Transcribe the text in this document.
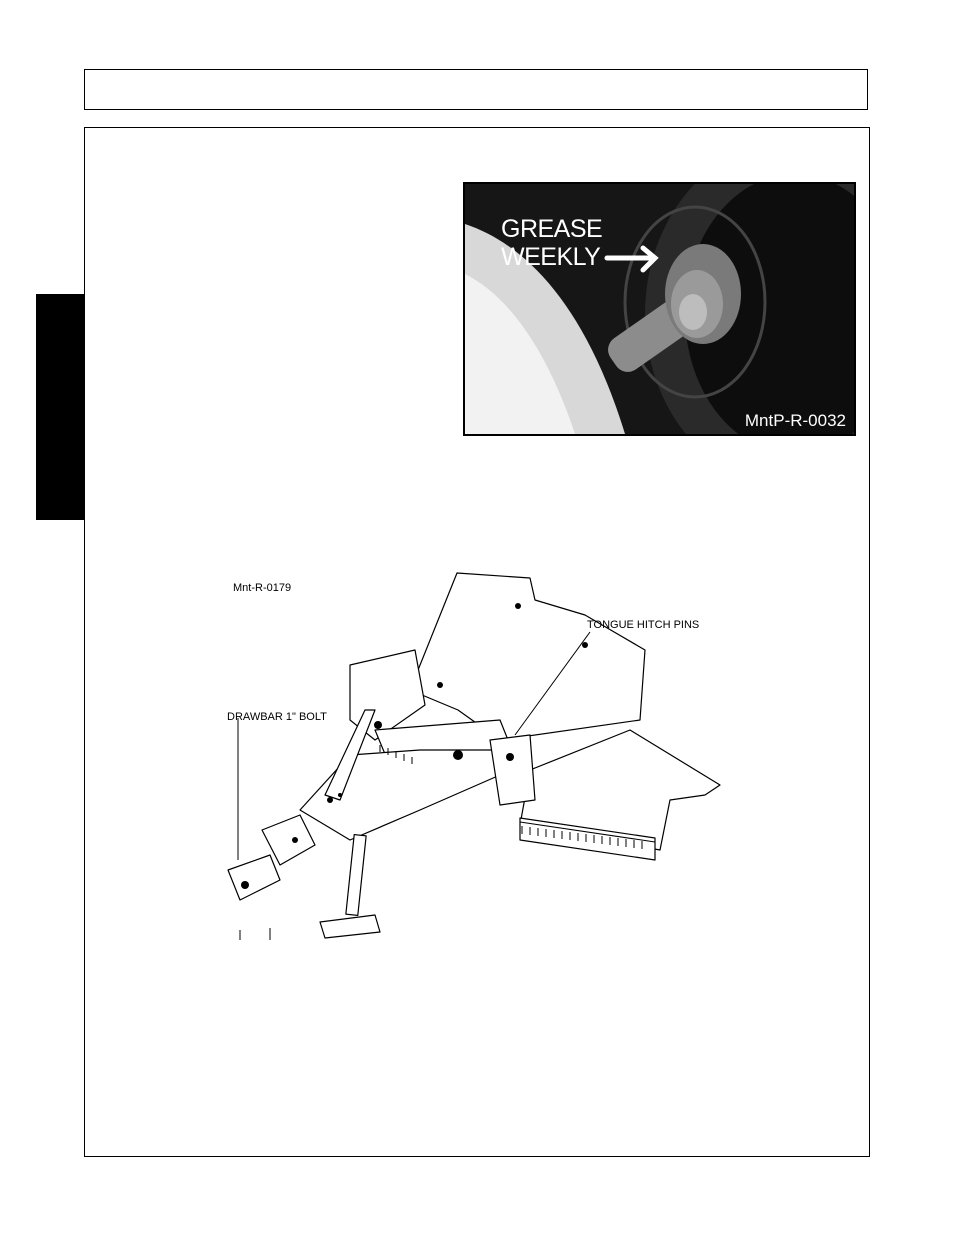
GREASE
WEEKLY
MntP-R-0032
Mnt-R-0179
TONGUE HITCH PINS
DRAWBAR 1" BOLT
